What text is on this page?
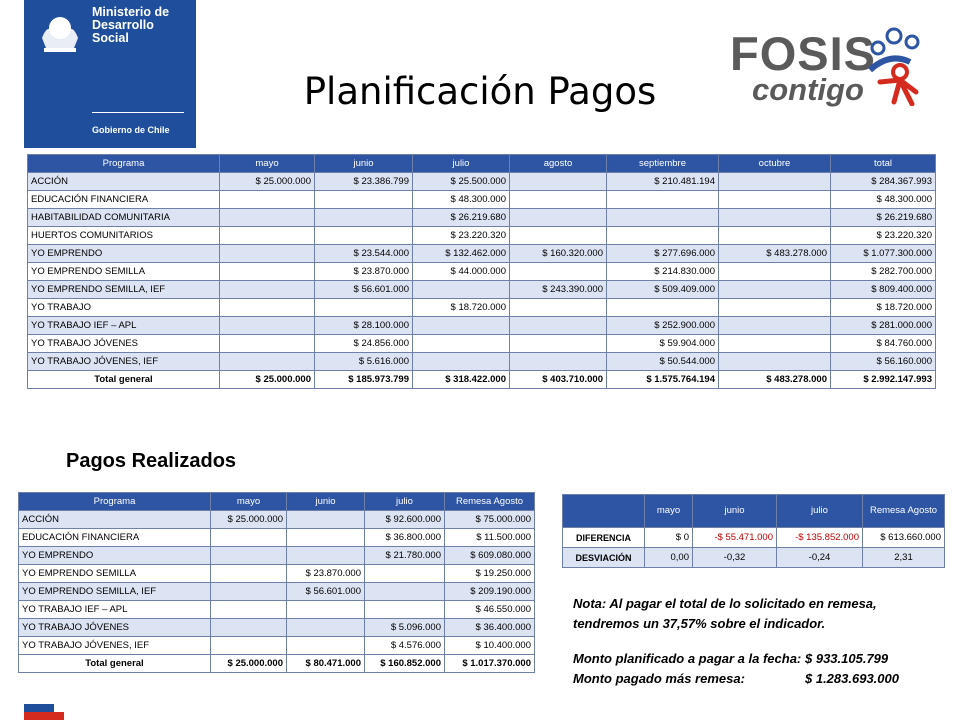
Ministerio de Desarrollo Social
Gobierno de Chile
FOSIS
contigo
Planificación Pagos
Programa	mayo	junio	julio	agosto	septiembre	octubre	total
ACCIÓN	$ 25.000.000	$ 23.386.799	$ 25.500.000		$ 210.481.194		$ 284.367.993
EDUCACIÓN FINANCIERA			$ 48.300.000				$ 48.300.000
HABITABILIDAD COMUNITARIA			$ 26.219.680				$ 26.219.680
HUERTOS COMUNITARIOS			$ 23.220.320				$ 23.220.320
YO EMPRENDO		$ 23.544.000	$ 132.462.000	$ 160.320.000	$ 277.696.000	$ 483.278.000	$ 1.077.300.000
YO EMPRENDO SEMILLA		$ 23.870.000	$ 44.000.000		$ 214.830.000		$ 282.700.000
YO EMPRENDO SEMILLA, IEF		$ 56.601.000		$ 243.390.000	$ 509.409.000		$ 809.400.000
YO TRABAJO			$ 18.720.000				$ 18.720.000
YO TRABAJO IEF – APL		$ 28.100.000			$ 252.900.000		$ 281.000.000
YO TRABAJO JÓVENES		$ 24.856.000			$ 59.904.000		$ 84.760.000
YO TRABAJO JÓVENES, IEF		$ 5.616.000			$ 50.544.000		$ 56.160.000
Total general	$ 25.000.000	$ 185.973.799	$ 318.422.000	$ 403.710.000	$ 1.575.764.194	$ 483.278.000	$ 2.992.147.993
Pagos Realizados
Programa	mayo	junio	julio	Remesa Agosto
ACCIÓN	$ 25.000.000		$ 92.600.000	$ 75.000.000
EDUCACIÓN FINANCIERA			$ 36.800.000	$ 11.500.000
YO EMPRENDO			$ 21.780.000	$ 609.080.000
YO EMPRENDO SEMILLA		$ 23.870.000		$ 19.250.000
YO EMPRENDO SEMILLA, IEF		$ 56.601.000		$ 209.190.000
YO TRABAJO IEF – APL				$ 46.550.000
YO TRABAJO JÓVENES			$ 5.096.000	$ 36.400.000
YO TRABAJO JÓVENES, IEF			$ 4.576.000	$ 10.400.000
Total general	$ 25.000.000	$ 80.471.000	$ 160.852.000	$ 1.017.370.000
	mayo	junio	julio	Remesa Agosto
DIFERENCIA	$ 0	-$ 55.471.000	-$ 135.852.000	$ 613.660.000
DESVIACIÓN	0,00	-0,32	-0,24	2,31

Nota: Al pagar el total de lo solicitado en remesa, tendremos un 37,57% sobre el indicador.

Monto planificado a pagar a la fecha: $ 933.105.799
Monto pagado más remesa:	$ 1.283.693.000
